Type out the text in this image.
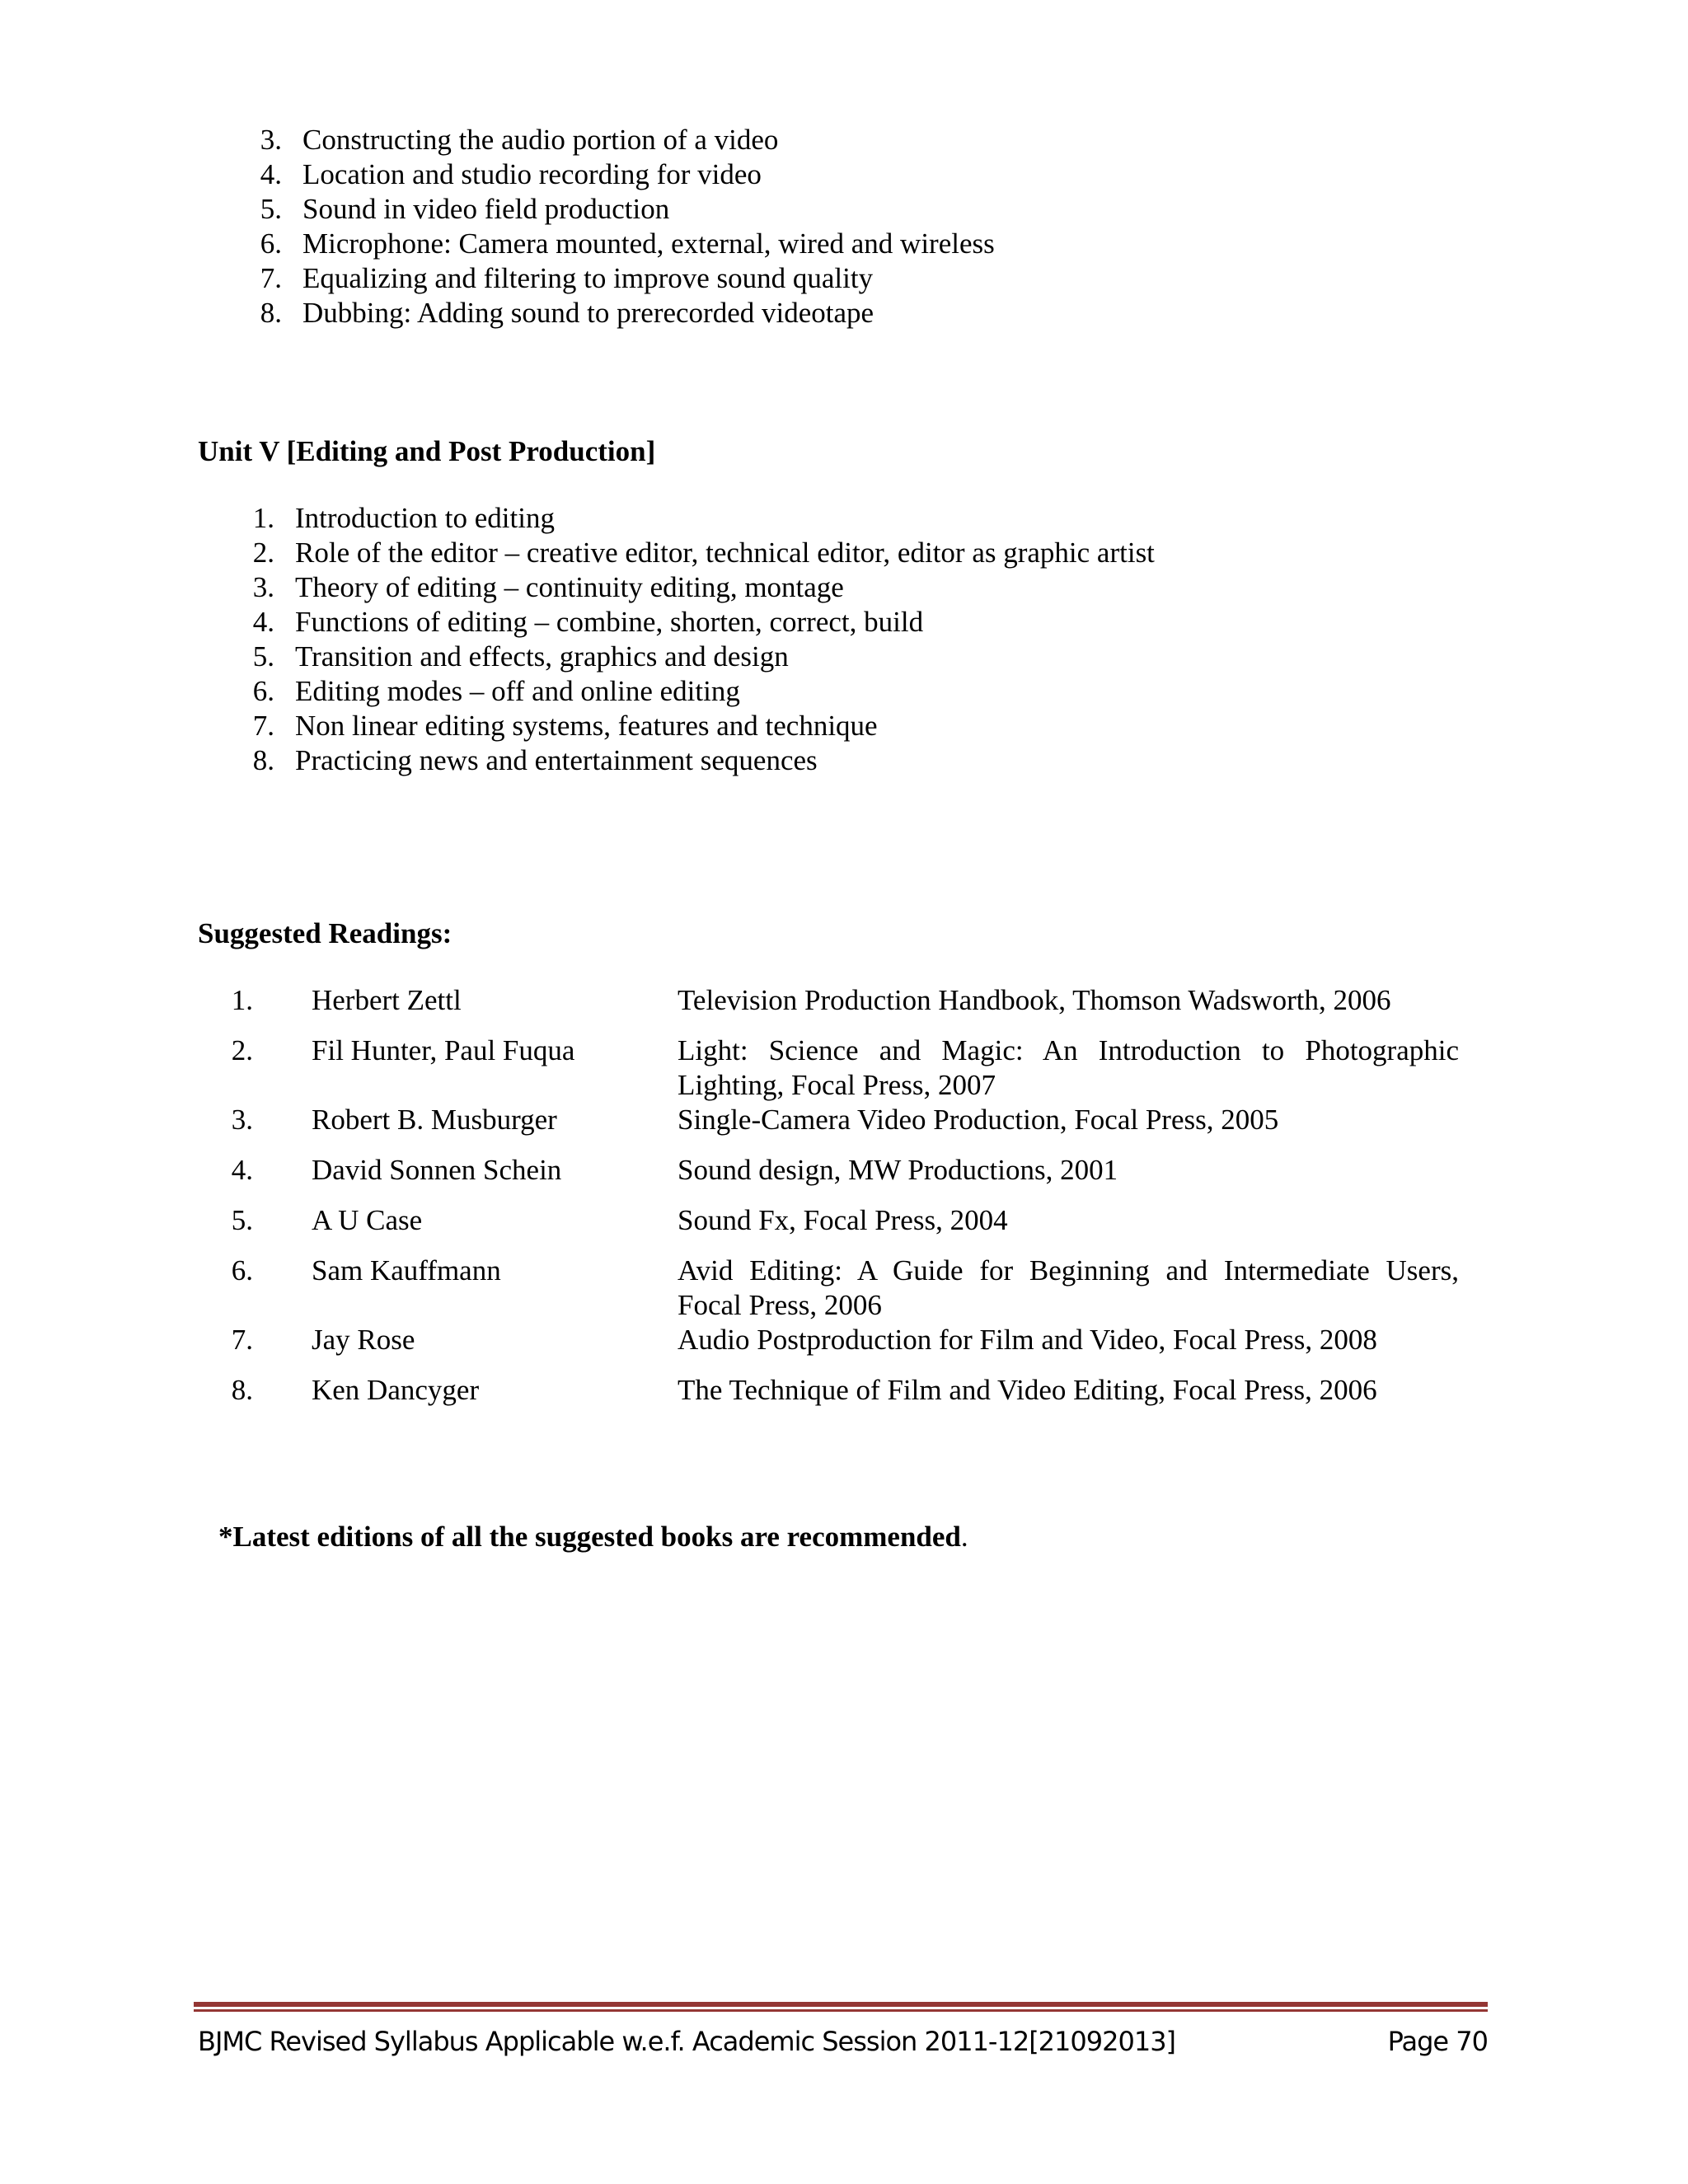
3. Constructing the audio portion of a video
4. Location and studio recording for video
5. Sound in video field production
6. Microphone: Camera mounted, external, wired and wireless
7. Equalizing and filtering to improve sound quality
8. Dubbing: Adding sound to prerecorded videotape
Unit V [Editing and Post Production]
1. Introduction to editing
2. Role of the editor – creative editor, technical editor, editor as graphic artist
3. Theory of editing – continuity editing, montage
4. Functions of editing – combine, shorten, correct, build
5. Transition and effects, graphics and design
6. Editing modes – off and online editing
7. Non linear editing systems, features and technique
8. Practicing news and entertainment sequences
Suggested Readings:
1. Herbert Zettl	Television Production Handbook, Thomson Wadsworth, 2006
2. Fil Hunter, Paul Fuqua	Light: Science and Magic: An Introduction to Photographic
Lighting, Focal Press, 2007
3. Robert B. Musburger	Single-Camera Video Production, Focal Press, 2005
4. David Sonnen Schein	Sound design, MW Productions, 2001
5. A U Case	Sound Fx, Focal Press, 2004
6. Sam Kauffmann	Avid Editing: A Guide for Beginning and Intermediate Users,
Focal Press, 2006
7. Jay Rose	Audio Postproduction for Film and Video, Focal Press, 2008
8. Ken Dancyger	The Technique of Film and Video Editing, Focal Press, 2006
*Latest editions of all the suggested books are recommended.
BJMC Revised Syllabus Applicable w.e.f. Academic Session 2011-12[21092013]	Page 70
